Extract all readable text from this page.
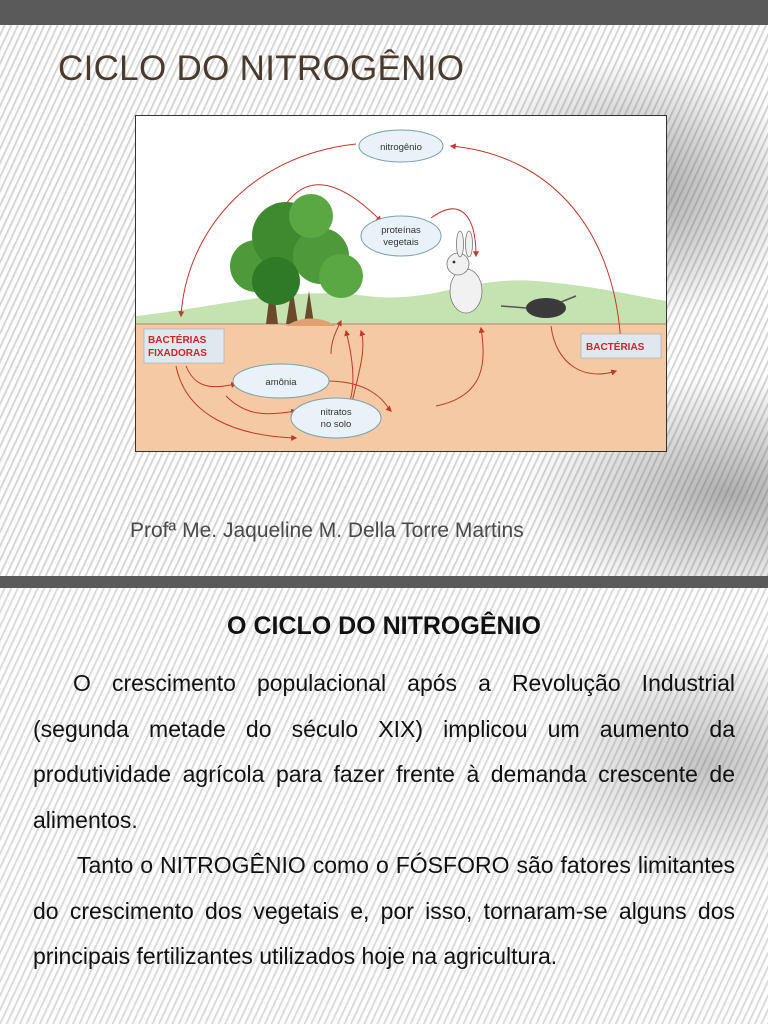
CICLO DO NITROGÊNIO
nitrogênio
proteínas
vegetais
BACTÉRIAS
FIXADORAS
BACTÉRIAS
amônia
nitratos
no solo

Profª Me. Jaqueline M. Della Torre Martins

O CICLO DO NITROGÊNIO

O crescimento populacional após a Revolução Industrial (segunda metade do século XIX) implicou um aumento da produtividade agrícola para fazer frente à demanda crescente de alimentos.

Tanto o NITROGÊNIO como o FÓSFORO são fatores limitantes do crescimento dos vegetais e, por isso, tornaram-se alguns dos principais fertilizantes utilizados hoje na agricultura.
